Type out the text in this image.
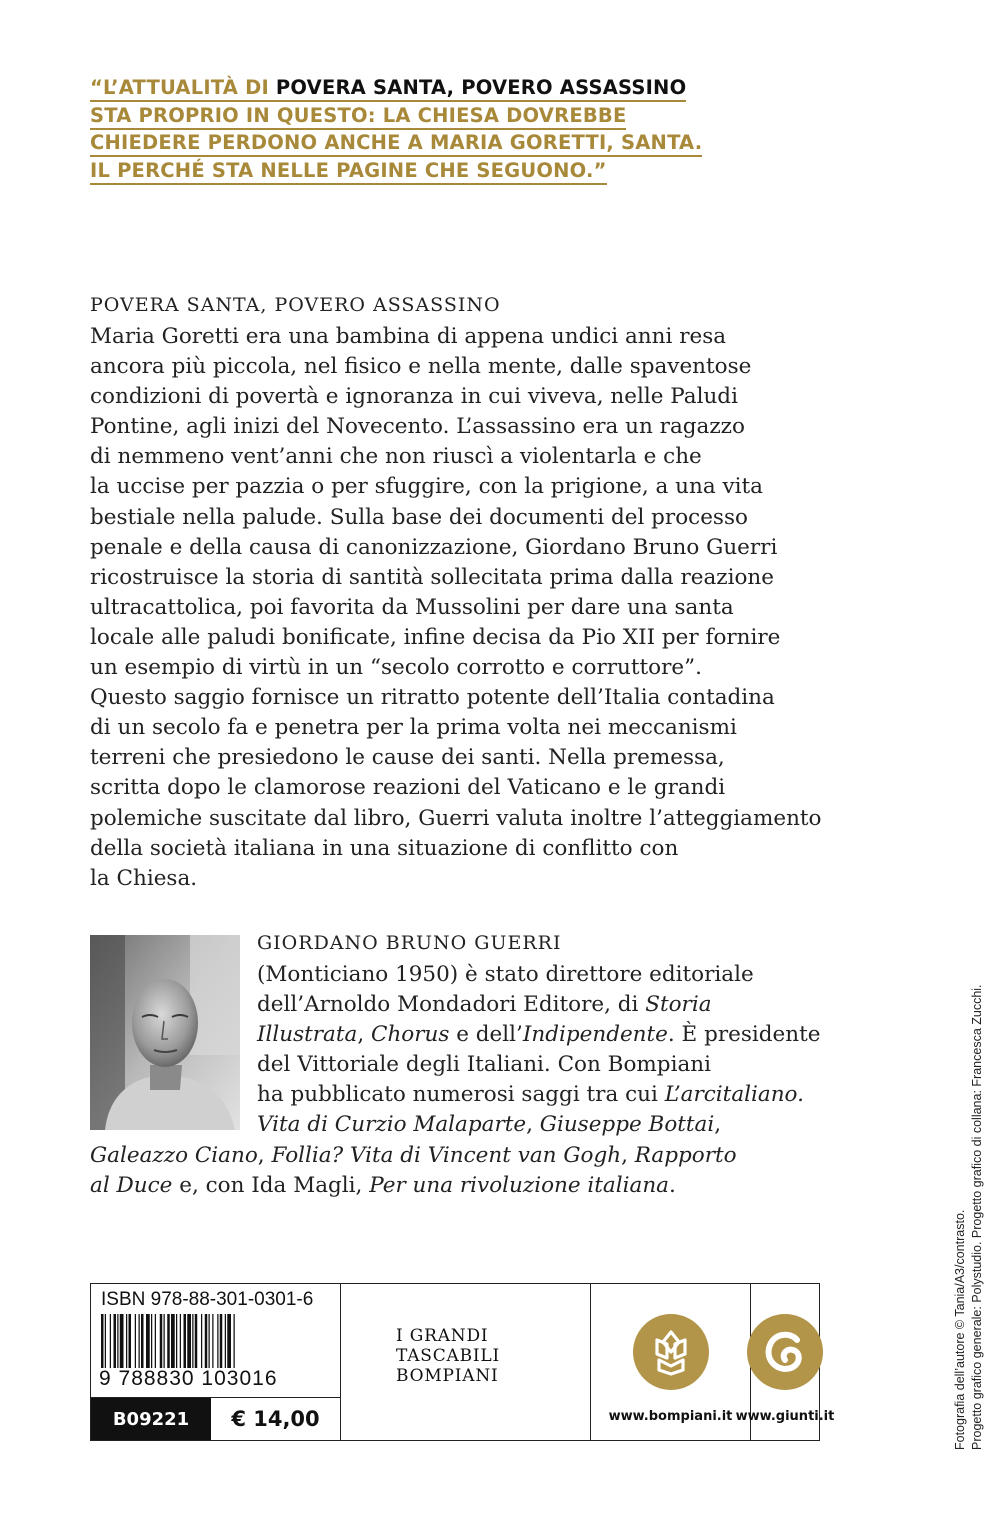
“L’ATTUALITÀ DI POVERA SANTA, POVERO ASSASSINO
STA PROPRIO IN QUESTO: LA CHIESA DOVREBBE
CHIEDERE PERDONO ANCHE A MARIA GORETTI, SANTA.
IL PERCHÉ STA NELLE PAGINE CHE SEGUONO.”
POVERA SANTA, POVERO ASSASSINO
Maria Goretti era una bambina di appena undici anni resa
ancora più piccola, nel fisico e nella mente, dalle spaventose
condizioni di povertà e ignoranza in cui viveva, nelle Paludi
Pontine, agli inizi del Novecento. L’assassino era un ragazzo
di nemmeno vent’anni che non riuscì a violentarla e che
la uccise per pazzia o per sfuggire, con la prigione, a una vita
bestiale nella palude. Sulla base dei documenti del processo
penale e della causa di canonizzazione, Giordano Bruno Guerri
ricostruisce la storia di santità sollecitata prima dalla reazione
ultracattolica, poi favorita da Mussolini per dare una santa
locale alle paludi bonificate, infine decisa da Pio XII per fornire
un esempio di virtù in un “secolo corrotto e corruttore”.
Questo saggio fornisce un ritratto potente dell’Italia contadina
di un secolo fa e penetra per la prima volta nei meccanismi
terreni che presiedono le cause dei santi. Nella premessa,
scritta dopo le clamorose reazioni del Vaticano e le grandi
polemiche suscitate dal libro, Guerri valuta inoltre l’atteggiamento
della società italiana in una situazione di conflitto con
la Chiesa.
GIORDANO BRUNO GUERRI
(Monticiano 1950) è stato direttore editoriale
dell’Arnoldo Mondadori Editore, di Storia
Illustrata, Chorus e dell’Indipendente. È presidente
del Vittoriale degli Italiani. Con Bompiani
ha pubblicato numerosi saggi tra cui L’arcitaliano.
Vita di Curzio Malaparte, Giuseppe Bottai,
Galeazzo Ciano, Follia? Vita di Vincent van Gogh, Rapporto
al Duce e, con Ida Magli, Per una rivoluzione italiana.
ISBN 978-88-301-0301-6
9 788830 103016
B09221	€ 14,00
I GRANDI
TASCABILI
BOMPIANI
www.bompiani.it www.giunti.it	Fotografia dell’autore © Tania/A3/contrasto. Progetto grafico generale: Polystudio. Progetto grafico di collana: Francesca Zucchi.
